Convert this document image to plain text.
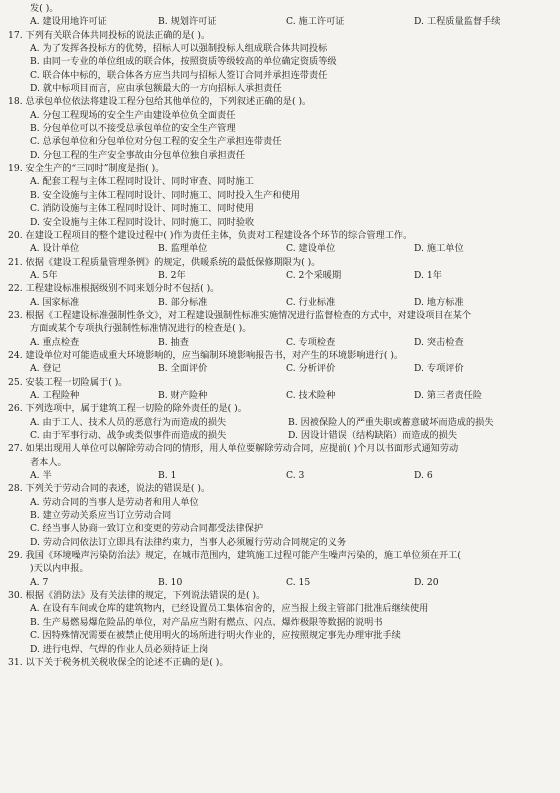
发( )。
A. 建设用地许可证	B. 规划许可证	C. 施工许可证	D. 工程质量监督手续
17. 下列有关联合体共同投标的说法正确的是( )。
A. 为了发挥各投标方的优势，招标人可以强制投标人组成联合体共同投标
B. 由同一专业的单位组成的联合体，按照资质等级较高的单位确定资质等级
C. 联合体中标的，联合体各方应当共同与招标人签订合同并承担连带责任
D. 就中标项目而言，应由承包额最大的一方向招标人承担责任
18. 总承包单位依法将建设工程分包给其他单位的，下列叙述正确的是( )。
A. 分包工程现场的安全生产由建设单位负全面责任
B. 分包单位可以不接受总承包单位的安全生产管理
C. 总承包单位和分包单位对分包工程的安全生产承担连带责任
D. 分包工程的生产安全事故由分包单位独自承担责任
19. 安全生产的“三同时”制度是指( )。
A. 配套工程与主体工程同时设计、同时审查、同时施工
B. 安全设施与主体工程同时设计、同时施工、同时投入生产和使用
C. 消防设施与主体工程同时设计、同时施工、同时使用
D. 安全设施与主体工程同时设计、同时施工、同时验收
20. 在建设工程项目的整个建设过程中( )作为责任主体，负责对工程建设各个环节的综合管理工作。
A. 设计单位	B. 监理单位	C. 建设单位	D. 施工单位
21. 依据《建设工程质量管理条例》的规定，供暖系统的最低保修期限为( )。
A. 5年	B. 2年	C. 2个采暖期	D. 1年
22. 工程建设标准根据级别不同来划分时不包括( )。
A. 国家标准	B. 部分标准	C. 行业标准	D. 地方标准
23. 根据《工程建设标准强制性条文》，对工程建设强制性标准实施情况进行监督检查的方式中，对建设项目在某个
方面或某个专项执行强制性标准情况进行的检查是( )。
A. 重点检查	B. 抽查	C. 专项检查	D. 突击检查
24. 建设单位对可能造成重大环境影响的，应当编制环境影响报告书，对产生的环境影响进行( )。
A. 登记	B. 全面评价	C. 分析评价	D. 专项评价
25. 安装工程一切险属于( )。
A. 工程险种	B. 财产险种	C. 技术险种	D. 第三者责任险
26. 下列选项中，属于建筑工程一切险的除外责任的是( )。
A. 由于工人、技术人员的恶意行为而造成的损失	B. 因被保险人的严重失职或蓄意破坏而造成的损失
C. 由于军事行动、战争或类似事件而造成的损失	D. 因设计错误（结构缺陷）而造成的损失
27. 如果出现用人单位可以解除劳动合同的情形，用人单位要解除劳动合同，应提前( )个月以书面形式通知劳动
者本人。
A. 半	B. 1	C. 3	D. 6
28. 下列关于劳动合同的表述，说法的错误是( )。
A. 劳动合同的当事人是劳动者和用人单位
B. 建立劳动关系应当订立劳动合同
C. 经当事人协商一致订立和变更的劳动合同都受法律保护
D. 劳动合同依法订立即具有法律约束力，当事人必须履行劳动合同规定的义务
29. 我国《环境噪声污染防治法》规定，在城市范围内，建筑施工过程可能产生噪声污染的，施工单位须在开工(
)天以内申报。
A. 7	B. 10	C. 15	D. 20
30. 根据《消防法》及有关法律的规定，下列说法错误的是( )。
A. 在设有车间或仓库的建筑物内，已经设置员工集体宿舍的，应当报上级主管部门批准后继续使用
B. 生产易燃易爆危险品的单位，对产品应当附有燃点、闪点、爆炸极限等数据的说明书
C. 因特殊情况需要在被禁止使用明火的场所进行明火作业的，应按照规定事先办理审批手续
D. 进行电焊、气焊的作业人员必须持证上岗
31. 以下关于税务机关税收保全的论述不正确的是( )。
